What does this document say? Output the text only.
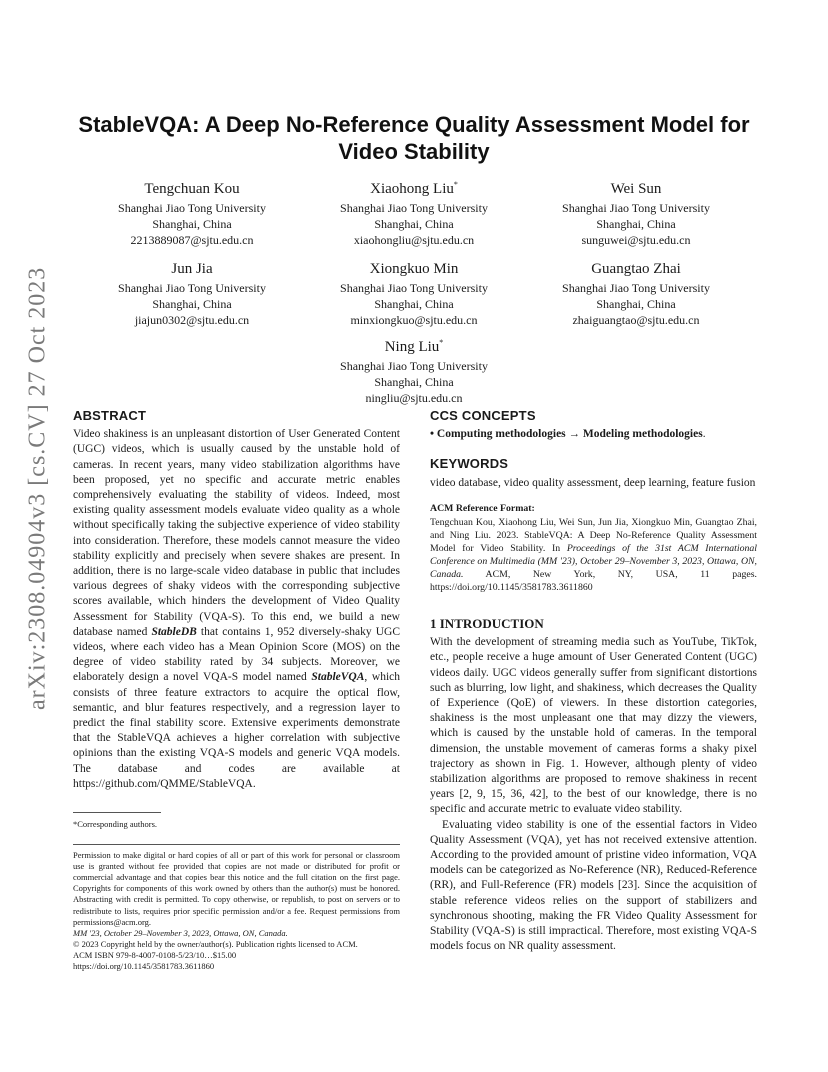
arXiv:2308.04904v3 [cs.CV] 27 Oct 2023
StableVQA: A Deep No-Reference Quality Assessment Model for Video Stability
Tengchuan Kou
Shanghai Jiao Tong University
Shanghai, China
2213889087@sjtu.edu.cn
Xiaohong Liu*
Shanghai Jiao Tong University
Shanghai, China
xiaohongliu@sjtu.edu.cn
Wei Sun
Shanghai Jiao Tong University
Shanghai, China
sunguwei@sjtu.edu.cn
Jun Jia
Shanghai Jiao Tong University
Shanghai, China
jiajun0302@sjtu.edu.cn
Xiongkuo Min
Shanghai Jiao Tong University
Shanghai, China
minxiongkuo@sjtu.edu.cn
Guangtao Zhai
Shanghai Jiao Tong University
Shanghai, China
zhaiguangtao@sjtu.edu.cn
Ning Liu*
Shanghai Jiao Tong University
Shanghai, China
ningliu@sjtu.edu.cn
ABSTRACT

Video shakiness is an unpleasant distortion of User Generated Content (UGC) videos, which is usually caused by the unstable hold of cameras. In recent years, many video stabilization algorithms have been proposed, yet no specific and accurate metric enables comprehensively evaluating the stability of videos. Indeed, most existing quality assessment models evaluate video quality as a whole without specifically taking the subjective experience of video stability into consideration. Therefore, these models cannot measure the video stability explicitly and precisely when severe shakes are present. In addition, there is no large-scale video database in public that includes various degrees of shaky videos with the corresponding subjective scores available, which hinders the development of Video Quality Assessment for Stability (VQA-S). To this end, we build a new database named StableDB that contains 1, 952 diversely-shaky UGC videos, where each video has a Mean Opinion Score (MOS) on the degree of video stability rated by 34 subjects. Moreover, we elaborately design a novel VQA-S model named StableVQA, which consists of three feature extractors to acquire the optical flow, semantic, and blur features respectively, and a regression layer to predict the final stability score. Extensive experiments demonstrate that the StableVQA achieves a higher correlation with subjective opinions than the existing VQA-S models and generic VQA models. The database and codes are available at https://github.com/QMME/StableVQA.

*Corresponding authors.

Permission to make digital or hard copies of all or part of this work for personal or classroom use is granted without fee provided that copies are not made or distributed for profit or commercial advantage and that copies bear this notice and the full citation on the first page. Copyrights for components of this work owned by others than the author(s) must be honored. Abstracting with credit is permitted. To copy otherwise, or republish, to post on servers or to redistribute to lists, requires prior specific permission and/or a fee. Request permissions from permissions@acm.org.

MM '23, October 29–November 3, 2023, Ottawa, ON, Canada.

© 2023 Copyright held by the owner/author(s). Publication rights licensed to ACM.

ACM ISBN 979-8-4007-0108-5/23/10…$15.00

https://doi.org/10.1145/3581783.3611860

CCS CONCEPTS

• Computing methodologies → Modeling methodologies.

KEYWORDS

video database, video quality assessment, deep learning, feature fusion

ACM Reference Format:
Tengchuan Kou, Xiaohong Liu, Wei Sun, Jun Jia, Xiongkuo Min, Guangtao Zhai, and Ning Liu. 2023. StableVQA: A Deep No-Reference Quality Assessment Model for Video Stability. In Proceedings of the 31st ACM International Conference on Multimedia (MM '23), October 29–November 3, 2023, Ottawa, ON, Canada. ACM, New York, NY, USA, 11 pages. https://doi.org/10.1145/3581783.3611860
1 INTRODUCTION

With the development of streaming media such as YouTube, TikTok, etc., people receive a huge amount of User Generated Content (UGC) videos daily. UGC videos generally suffer from significant distortions such as blurring, low light, and shakiness, which decreases the Quality of Experience (QoE) of viewers. In these distortion categories, shakiness is the most unpleasant one that may dizzy the viewers, which is caused by the unstable hold of cameras. In the temporal dimension, the unstable movement of cameras forms a shaky pixel trajectory as shown in Fig. 1. However, although plenty of video stabilization algorithms are proposed to remove shakiness in recent years [2, 9, 15, 36, 42], to the best of our knowledge, there is no specific and accurate metric to evaluate video stability.

Evaluating video stability is one of the essential factors in Video Quality Assessment (VQA), yet has not received extensive attention. According to the provided amount of pristine video information, VQA models can be categorized as No-Reference (NR), Reduced-Reference (RR), and Full-Reference (FR) models [23]. Since the acquisition of stable reference videos relies on the support of stabilizers and synchronous shooting, making the FR Video Quality Assessment for Stability (VQA-S) is still impractical. Therefore, most existing VQA-S models focus on NR quality assessment.
